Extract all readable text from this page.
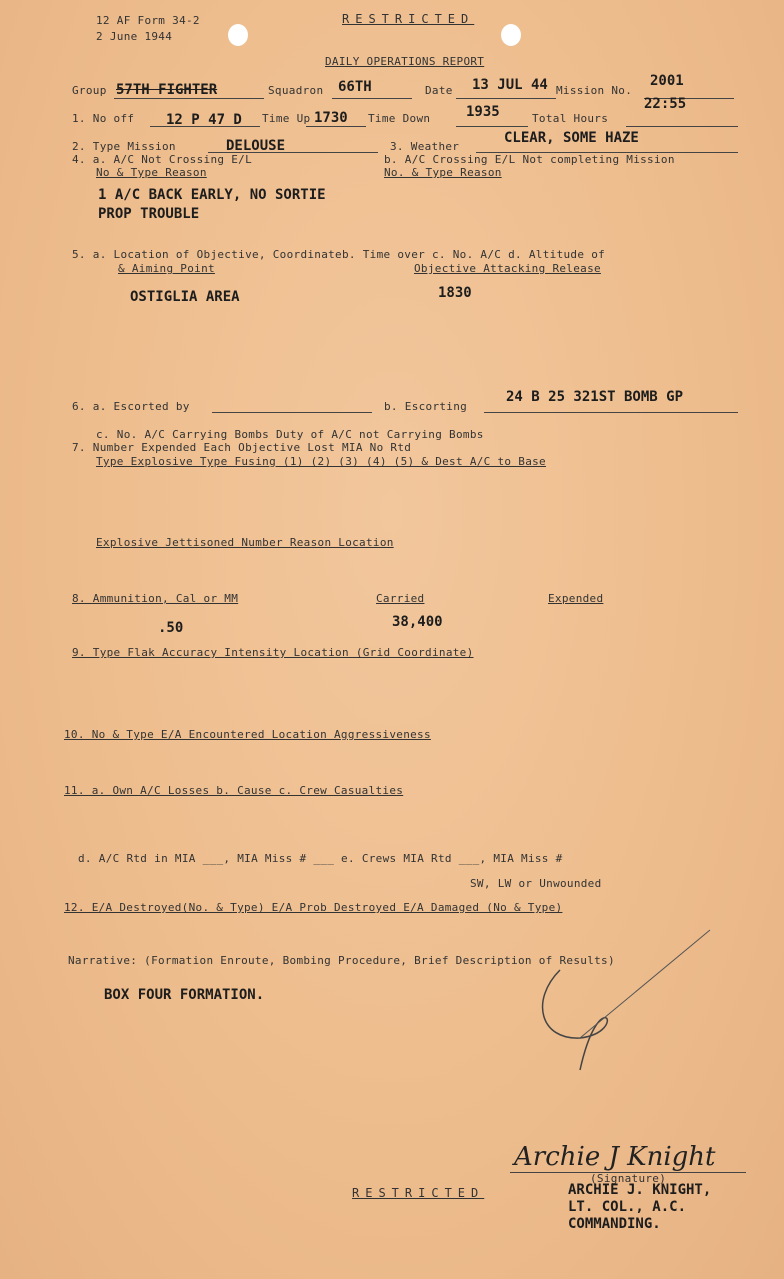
12 AF Form 34-2
2 June 1944
RESTRICTED
DAILY OPERATIONS REPORT
Group 57TH FIGHTER	Squadron 66TH	Date 13 JUL 44 Mission No.
2001
1. No off 12 P 47 D Time Up 1730 Time Down	1935	Total Hours
22:55
2. Type Mission	DELOUSE	3. Weather
CLEAR, SOME HAZE
4. a. A/C Not Crossing E/L	b. A/C Crossing E/L Not completing Mission
No & Type Reason	No. & Type Reason
1 A/C BACK EARLY, NO SORTIE
PROP TROUBLE
5. a. Location of Objective, Coordinateb. Time over c. No. A/C d. Altitude of
& Aiming Point	Objective Attacking Release
OSTIGLIA AREA	1830
6. a. Escorted by	b. Escorting
24 B 25 321ST BOMB GP
c. No. A/C Carrying Bombs Duty of A/C not Carrying Bombs
7. Number Expended Each Objective Lost MIA No Rtd
Type Explosive Type Fusing (1) (2) (3) (4) (5) & Dest A/C to Base
Explosive Jettisoned Number Reason Location
8. Ammunition, Cal or MM	Carried	Expended
.50	38,400
9. Type Flak Accuracy Intensity Location (Grid Coordinate)
10. No & Type E/A Encountered Location Aggressiveness
11. a. Own A/C Losses b. Cause c. Crew Casualties
d. A/C Rtd in MIA ___, MIA Miss # ___ e. Crews MIA Rtd ___, MIA Miss #
SW, LW or Unwounded
12. E/A Destroyed(No. & Type) E/A Prob Destroyed E/A Damaged (No & Type)
Narrative: (Formation Enroute, Bombing Procedure, Brief Description of Results)
BOX FOUR FORMATION.
Archie J Knight
(Signature)
ARCHIE J. KNIGHT,
LT. COL., A.C.
COMMANDING.
RESTRICTED
